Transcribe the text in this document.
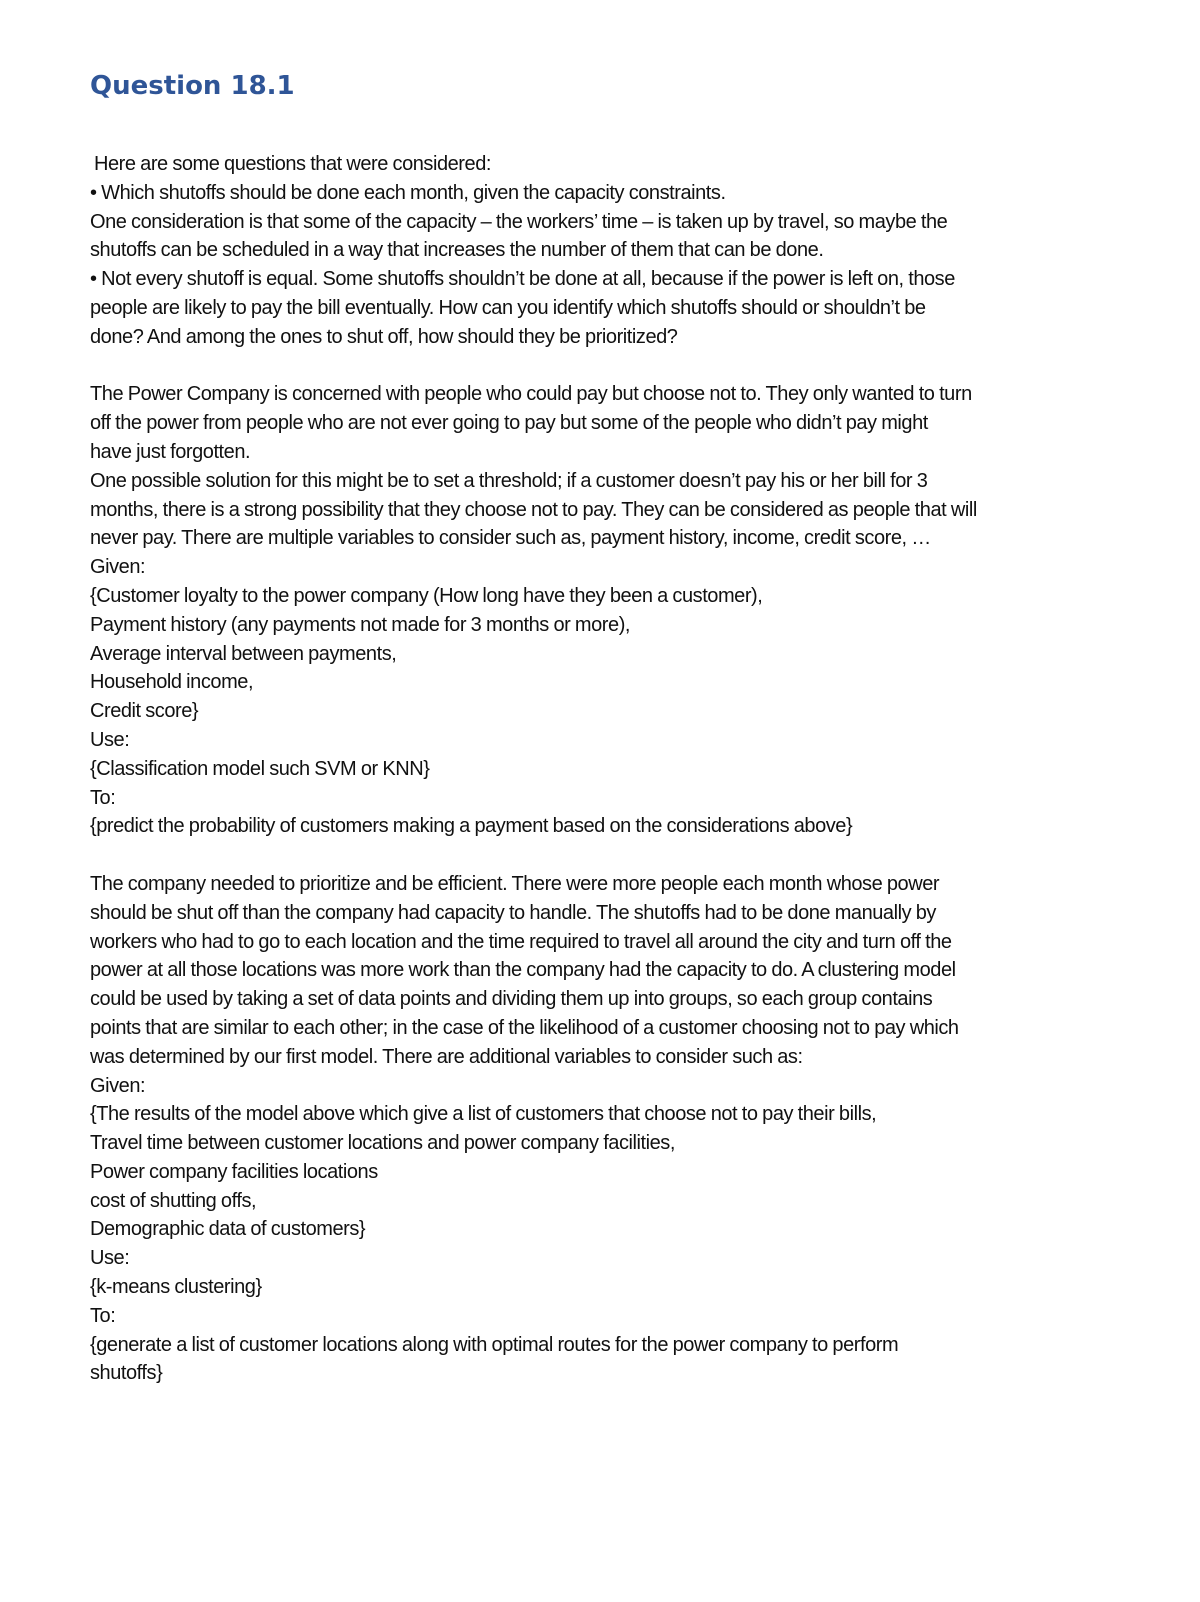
Question 18.1
Here are some questions that were considered:
• Which shutoffs should be done each month, given the capacity constraints.
One consideration is that some of the capacity – the workers’ time – is taken up by travel, so maybe the
shutoffs can be scheduled in a way that increases the number of them that can be done.
• Not every shutoff is equal. Some shutoffs shouldn’t be done at all, because if the power is left on, those
people are likely to pay the bill eventually. How can you identify which shutoffs should or shouldn’t be
done? And among the ones to shut off, how should they be prioritized?
The Power Company is concerned with people who could pay but choose not to. They only wanted to turn
off the power from people who are not ever going to pay but some of the people who didn’t pay might
have just forgotten.
One possible solution for this might be to set a threshold; if a customer doesn’t pay his or her bill for 3
months, there is a strong possibility that they choose not to pay. They can be considered as people that will
never pay. There are multiple variables to consider such as, payment history, income, credit score, …
Given:
{Customer loyalty to the power company (How long have they been a customer),
Payment history (any payments not made for 3 months or more),
Average interval between payments,
Household income,
Credit score}
Use:
{Classification model such SVM or KNN}
To:
{predict the probability of customers making a payment based on the considerations above}
The company needed to prioritize and be efficient. There were more people each month whose power
should be shut off than the company had capacity to handle. The shutoffs had to be done manually by
workers who had to go to each location and the time required to travel all around the city and turn off the
power at all those locations was more work than the company had the capacity to do. A clustering model
could be used by taking a set of data points and dividing them up into groups, so each group contains
points that are similar to each other; in the case of the likelihood of a customer choosing not to pay which
was determined by our first model. There are additional variables to consider such as:
Given:
{The results of the model above which give a list of customers that choose not to pay their bills,
Travel time between customer locations and power company facilities,
Power company facilities locations
cost of shutting offs,
Demographic data of customers}
Use:
{k-means clustering}
To:
{generate a list of customer locations along with optimal routes for the power company to perform
shutoffs}
